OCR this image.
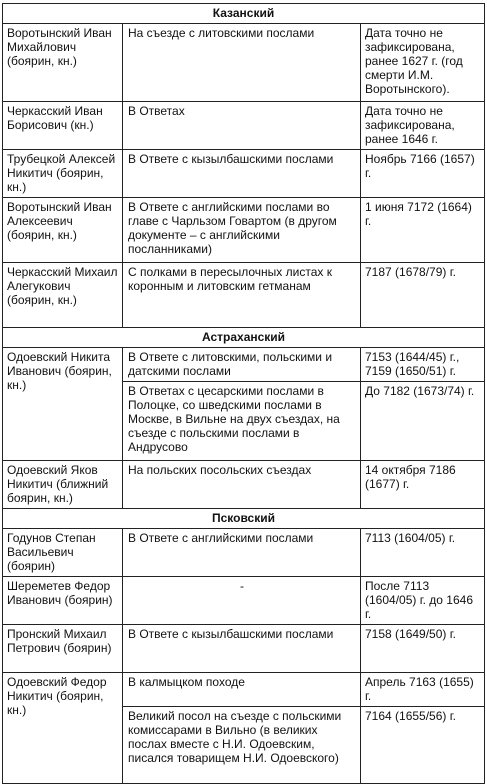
Казанский		
Воротынский Иван Михайлович (боярин, кн.)	На съезде с литовскими послами	Дата точно не зафиксирована, ранее 1627 г. (год смерти И.М. Воротынского).
Черкасский Иван Борисович (кн.)	В Ответах	Дата точно не зафиксирована, ранее 1646 г.
Трубецкой Алексей Никитич (боярин, кн.)	В Ответе с кызылбашскими послами	Ноябрь 7166 (1657) г.
Воротынский Иван Алексеевич (боярин, кн.)	В Ответе с английскими послами во главе с Чарльзом Говартом (в другом документе – с английскими посланниками)	1 июня 7172 (1664) г.
Черкасский Михаил Алегукович (боярин, кн.)	С полками в пересылочных листах к коронным и литовским гетманам	7187 (1678/79) г.
Астраханский		
Одоевский Никита Иванович (боярин, кн.)	В Ответе с литовскими, польскими и датскими послами	7153 (1644/45) г., 7159 (1650/51) г.
	В Ответах с цесарскими послами в Полоцке, со шведскими послами в Москве, в Вильне на двух съездах, на съезде с польскими послами в Андрусово	До 7182 (1673/74) г.
Одоевский Яков Никитич (ближний боярин, кн.)	На польских посольских съездах	14 октября 7186 (1677) г.
Псковский		
Годунов Степан Васильевич (боярин)	В Ответе с английскими послами	7113 (1604/05) г.
Шереметев Федор Иванович (боярин)	-	После 7113 (1604/05) г. до 1646 г.
Пронский Михаил Петрович (боярин)	В Ответе с кызылбашскими послами	7158 (1649/50) г.
Одоевский Федор Никитич (боярин, кн.)	В калмыцком походе	Апрель 7163 (1655) г.
	Великий посол на съезде с польскими комиссарами в Вильно (в великих послах вместе с Н.И. Одоевским, писался товарищем Н.И. Одоевского)	7164 (1655/56) г.
